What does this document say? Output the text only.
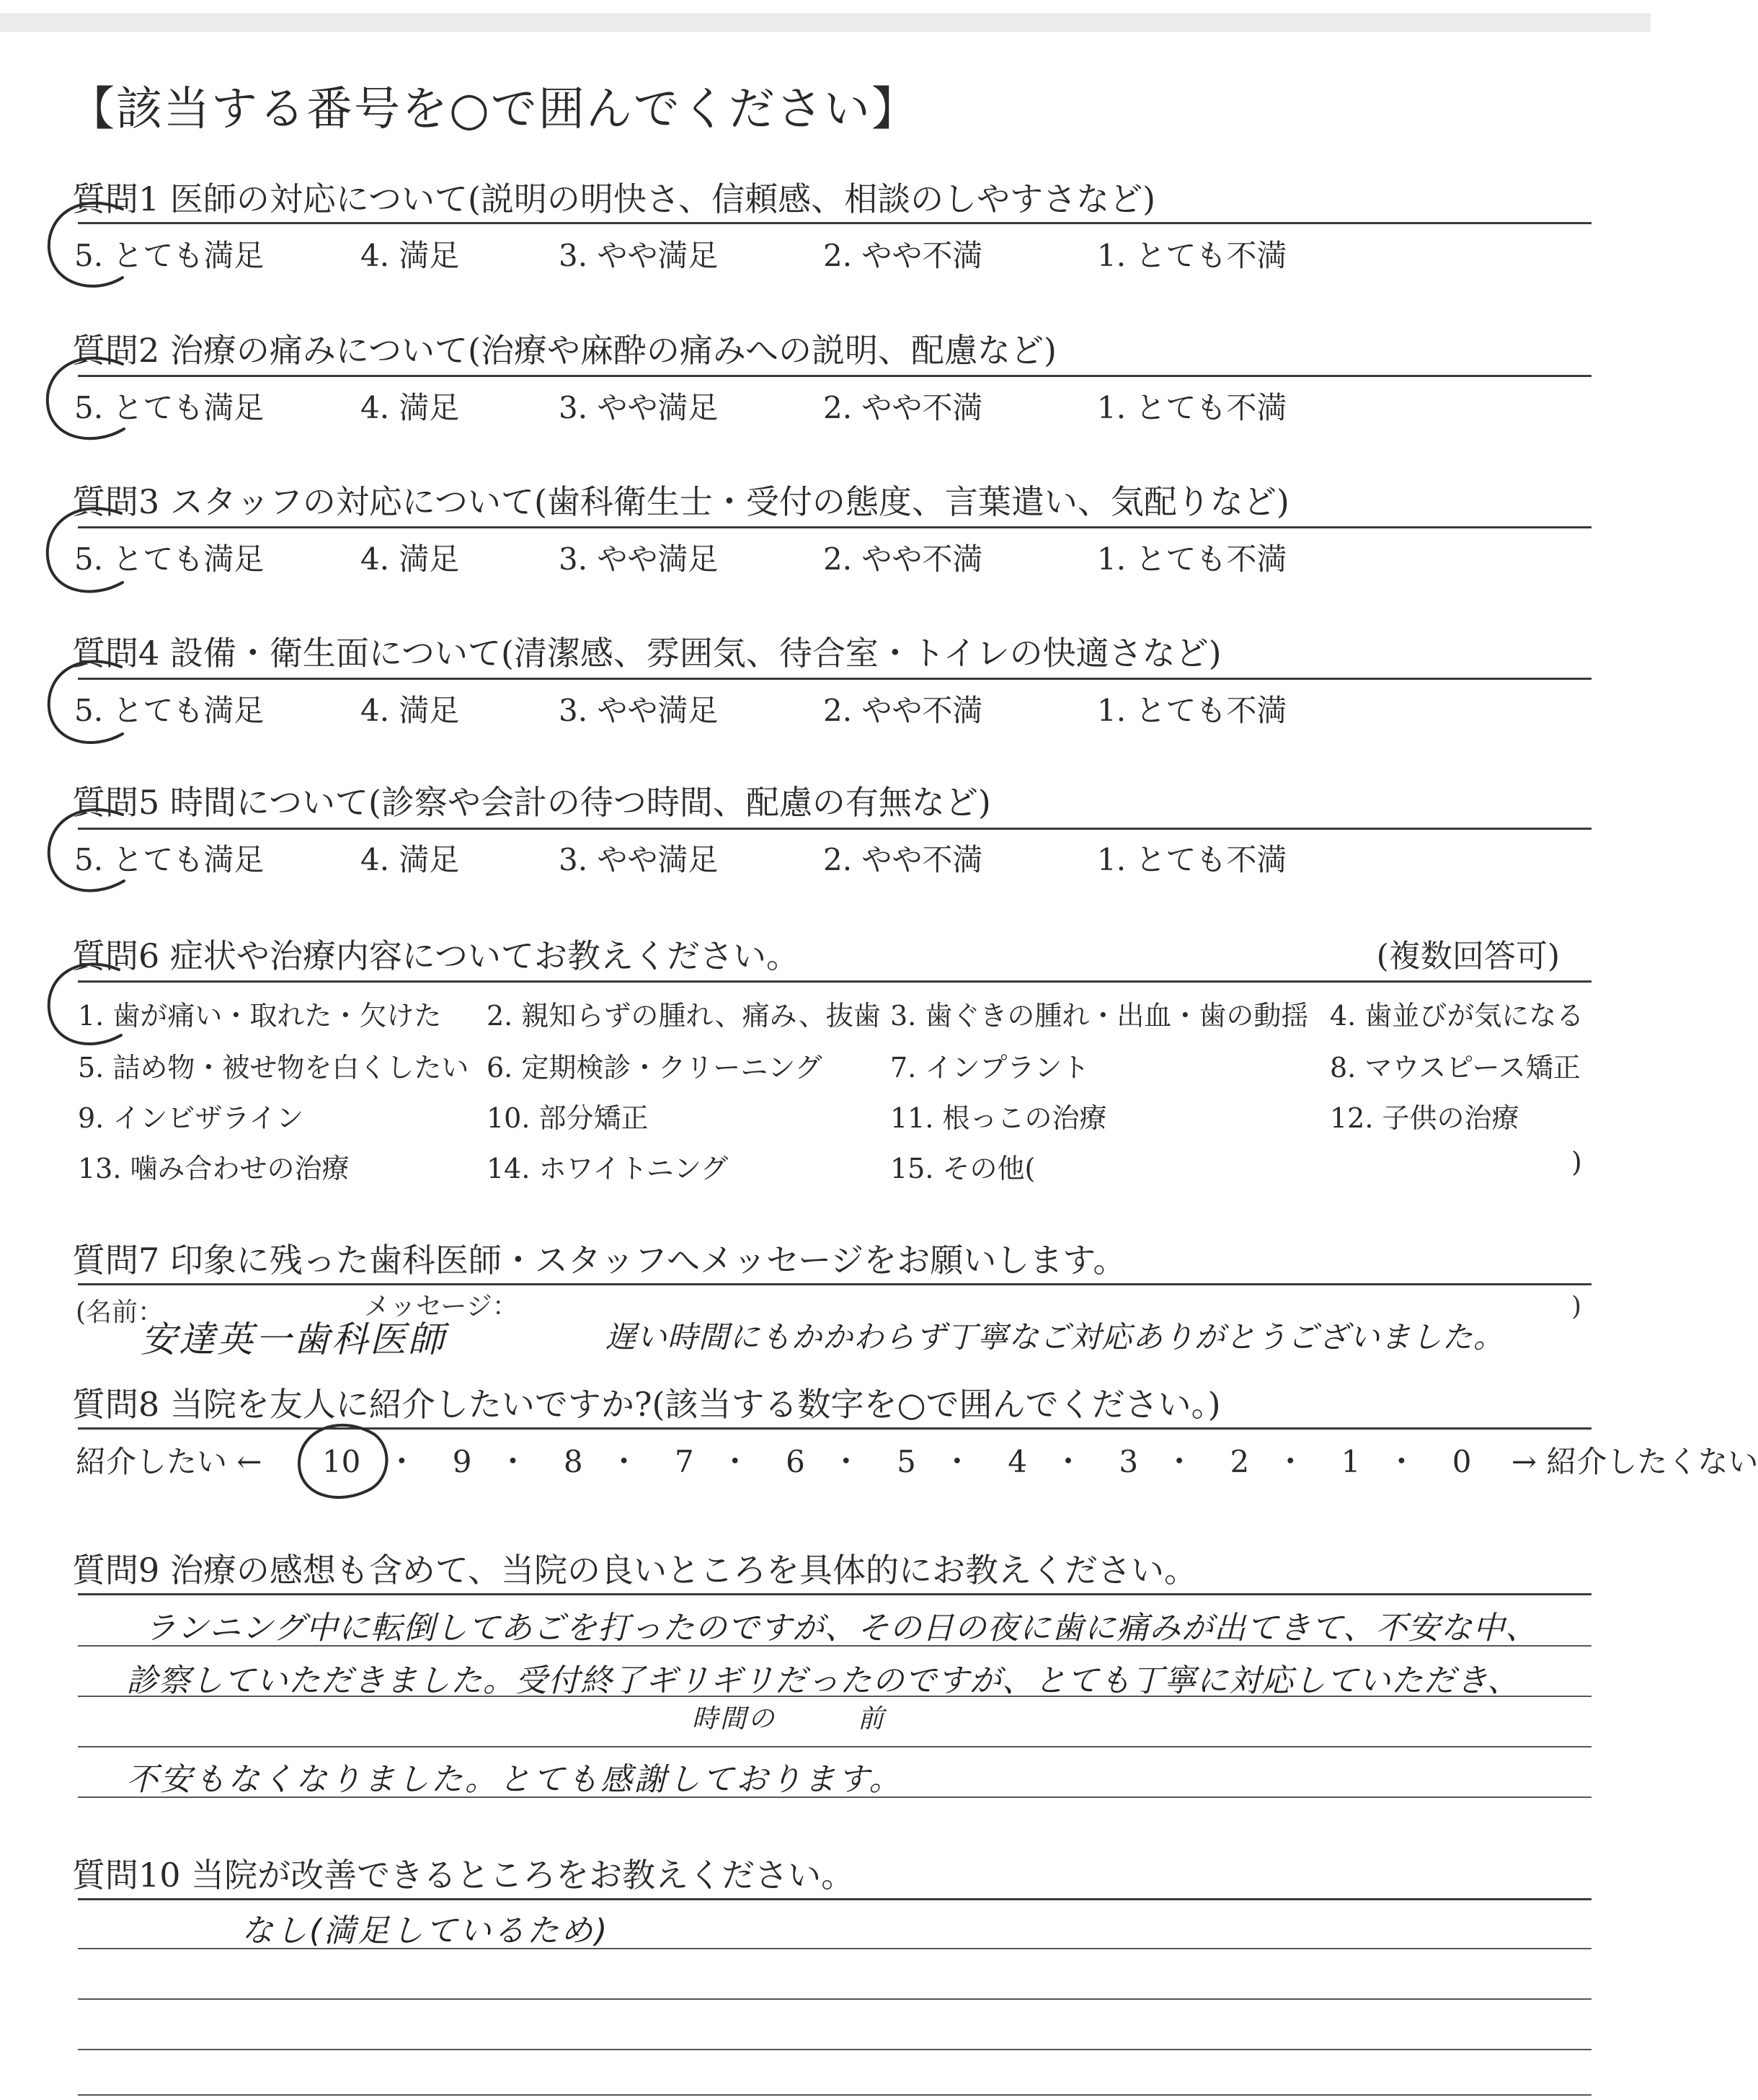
【該当する番号を○で囲んでください】
質問1 医師の対応について(説明の明快さ、信頼感、相談のしやすさなど)
5. とても満足	4. 満足	3. やや満足	2. やや不満	1. とても不満
質問2 治療の痛みについて(治療や麻酔の痛みへの説明、配慮など)
5. とても満足	4. 満足	3. やや満足	2. やや不満	1. とても不満
質問3 スタッフの対応について(歯科衛生士・受付の態度、言葉遣い、気配りなど)
5. とても満足	4. 満足	3. やや満足	2. やや不満	1. とても不満
質問4 設備・衛生面について(清潔感、雰囲気、待合室・トイレの快適さなど)
5. とても満足	4. 満足	3. やや満足	2. やや不満	1. とても不満
質問5 時間について(診察や会計の待つ時間、配慮の有無など)
5. とても満足	4. 満足	3. やや満足	2. やや不満	1. とても不満
質問6 症状や治療内容についてお教えください。	(複数回答可)
1. 歯が痛い・取れた・欠けた 2. 親知らずの腫れ、痛み、抜歯 3. 歯ぐきの腫れ・出血・歯の動揺 4. 歯並びが気になる
5. 詰め物・被せ物を白くしたい 6. 定期検診・クリーニング 7. インプラント	8. マウスピース矯正
9. インビザライン	10. 部分矯正	11. 根っこの治療	12. 子供の治療
13. 噛み合わせの治療	14. ホワイトニング	15. その他(	)
質問7 印象に残った歯科医師・スタッフへメッセージをお願いします。
(名前：	メッセージ：	)
安達英一歯科医師	遅い時間にもかかわらず丁寧なご対応ありがとうございました。
質問8 当院を友人に紹介したいですか?(該当する数字を○で囲んでください。)
紹介したい ← 10 ・ 9 ・ 8 ・ 7 ・ 6 ・ 5 ・ 4 ・ 3 ・ 2 ・ 1 ・ 0 → 紹介したくない
質問9 治療の感想も含めて、当院の良いところを具体的にお教えください。
ランニング中に転倒してあごを打ったのですが、その日の夜に歯に痛みが出てきて、不安な中、
診察していただきました。受付終了ギリギリだったのですが、とても丁寧に対応していただき、
時間の	前
不安もなくなりました。とても感謝しております。
質問10 当院が改善できるところをお教えください。
なし(満足しているため)
